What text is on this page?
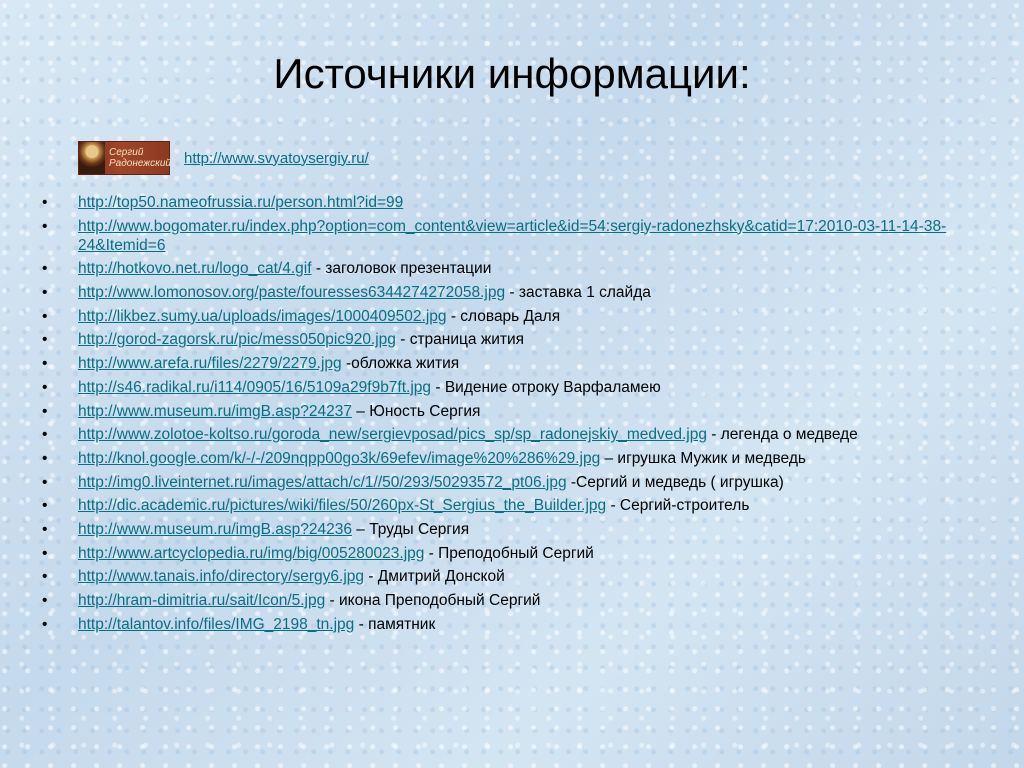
Источники информации:
Сергий
Радонежский http://www.svyatoysergiy.ru/
•	http://top50.nameofrussia.ru/person.html?id=99
•	http://www.bogomater.ru/index.php?option=com_content&view=article&id=54:sergiy-radonezhsky&catid=17:2010-03-11-14-38-24&Itemid=6
•	http://hotkovo.net.ru/logo_cat/4.gif - заголовок презентации
•	http://www.lomonosov.org/paste/fouresses6344274272058.jpg - заставка 1 слайда
•	http://likbez.sumy.ua/uploads/images/1000409502.jpg - словарь Даля
•	http://gorod-zagorsk.ru/pic/mess050pic920.jpg - страница жития
•	http://www.arefa.ru/files/2279/2279.jpg -обложка жития
•	http://s46.radikal.ru/i114/0905/16/5109a29f9b7ft.jpg - Видение отроку Варфаламею
•	http://www.museum.ru/imgB.asp?24237 – Юность Сергия
•	http://www.zolotoe-koltso.ru/goroda_new/sergievposad/pics_sp/sp_radonejskiy_medved.jpg - легенда о медведе
•	http://knol.google.com/k/-/-/209nqpp00go3k/69efev/image%20%286%29.jpg – игрушка Мужик и медведь
•	http://img0.liveinternet.ru/images/attach/c/1//50/293/50293572_pt06.jpg -Сергий и медведь ( игрушка)
•	http://dic.academic.ru/pictures/wiki/files/50/260px-St_Sergius_the_Builder.jpg - Сергий-строитель
•	http://www.museum.ru/imgB.asp?24236 – Труды Сергия
•	http://www.artcyclopedia.ru/img/big/005280023.jpg - Преподобный Сергий
•	http://www.tanais.info/directory/sergy6.jpg - Дмитрий Донской
•	http://hram-dimitria.ru/sait/Icon/5.jpg - икона Преподобный Сергий
•	http://talantov.info/files/IMG_2198_tn.jpg - памятник
